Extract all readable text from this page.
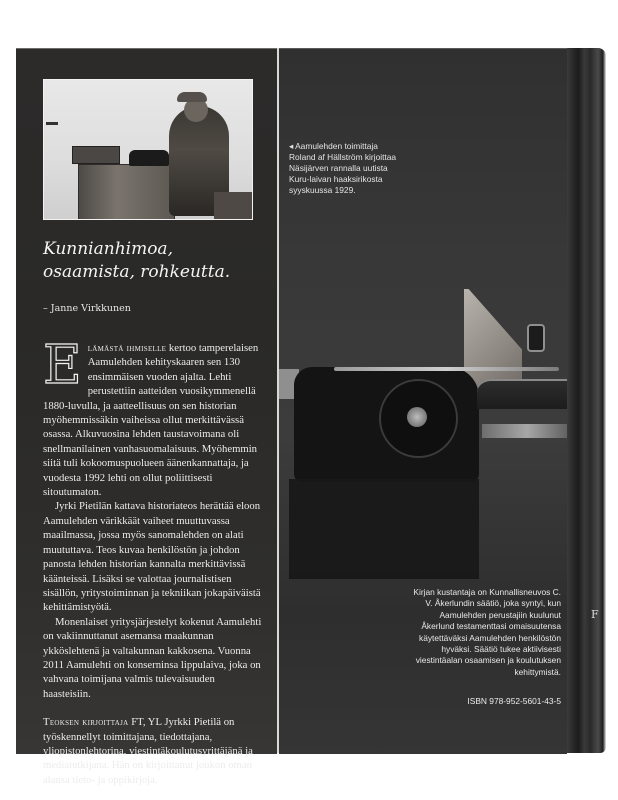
Kunnianhimoa,
osaamista, rohkeutta.
– Janne Virkkunen

Elämästä ihmiselle kertoo tamperelaisen Aamulehden kehityskaaren sen 130 ensimmäisen vuoden ajalta. Lehti perustettiin aatteiden vuosikymmenellä 1880-luvulla, ja aatteellisuus on sen historian myöhemmissäkin vaiheissa ollut merkittävässä osassa. Alkuvuosina lehden taustavoimana oli snellmanilainen vanhasuomalaisuus. Myöhemmin siitä tuli kokoomuspuolueen äänenkannattaja, ja vuodesta 1992 lehti on ollut poliittisesti sitoutumaton.

Jyrki Pietilän kattava historiateos herättää eloon Aamulehden värikkäät vaiheet muuttuvassa maailmassa, jossa myös sanomalehden on alati muututtava. Teos kuvaa henkilöstön ja johdon panosta lehden historian kannalta merkittävissä käänteissä. Lisäksi se valottaa journalistisen sisällön, yritystoiminnan ja tekniikan jokapäiväistä kehittämistyötä.

Monenlaiset yritysjärjestelyt kokenut Aamulehti on vakiinnuttanut asemansa maakunnan ykköslehtenä ja valtakunnan kakkosena. Vuonna 2011 Aamulehti on konserninsa lippulaiva, joka on vahvana toimijana valmis tulevaisuuden haasteisiin.

Teoksen kirjoittaja FT, YL Jyrkki Pietilä on työskennellyt toimittajana, tiedottajana, yliopistonlehtorina, viestintäkoulutusyrittäjänä ja mediatutkijana. Hän on kirjoittanut joukon oman alansa tieto- ja oppikirjoja.

◂ Aamulehden toimittaja Roland af Hällström kirjoittaa Näsijärven rannalla uutista Kuru-laivan haaksirikosta syyskuussa 1929.
Kirjan kustantaja on Kunnallisneuvos C. V. Åkerlundin säätiö, joka syntyi, kun Aamulehden perustajiin kuulunut Åkerlund testamenttasi omaisuutensa käytettäväksi Aamulehden henkilöstön hyväksi. Säätiö tukee aktiivisesti viestintäalan osaamisen ja koulutuksen kehittymistä.
ISBN 978-952-5601-43-5
F
